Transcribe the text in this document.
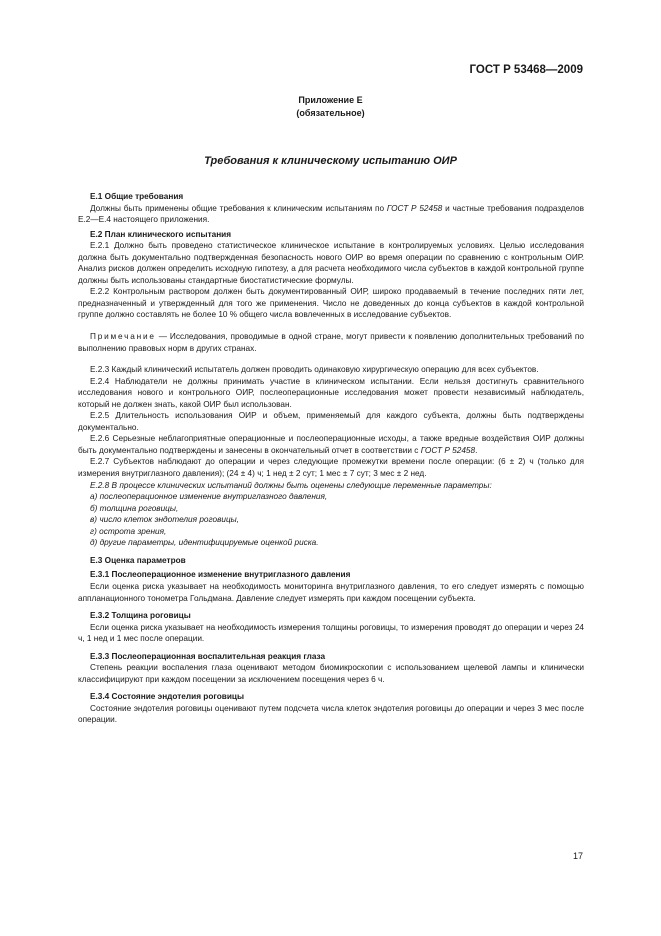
ГОСТ Р 53468—2009
Приложение Е
(обязательное)
Требования к клиническому испытанию ОИР

Е.1 Общие требования

Должны быть применены общие требования к клиническим испытаниям по ГОСТ Р 52458 и частные требования подразделов Е.2—Е.4 настоящего приложения.

Е.2 План клинического испытания

Е.2.1 Должно быть проведено статистическое клиническое испытание в контролируемых условиях. Целью исследования должна быть документально подтвержденная безопасность нового ОИР во время операции по сравнению с контрольным ОИР. Анализ рисков должен определить исходную гипотезу, а для расчета необходимого числа субъектов в каждой контрольной группе должны быть использованы стандартные биостатистические формулы.

Е.2.2 Контрольным раствором должен быть документированный ОИР, широко продаваемый в течение последних пяти лет, предназначенный и утвержденный для того же применения. Число не доведенных до конца субъектов в каждой контрольной группе должно составлять не более 10 % общего числа вовлеченных в исследование субъектов.

Примечание — Исследования, проводимые в одной стране, могут привести к появлению дополнительных требований по выполнению правовых норм в других странах.

Е.2.3 Каждый клинический испытатель должен проводить одинаковую хирургическую операцию для всех субъектов.

Е.2.4 Наблюдатели не должны принимать участие в клиническом испытании. Если нельзя достигнуть сравнительного исследования нового и контрольного ОИР, послеоперационные исследования может провести независимый наблюдатель, который не должен знать, какой ОИР был использован.

Е.2.5 Длительность использования ОИР и объем, применяемый для каждого субъекта, должны быть подтверждены документально.

Е.2.6 Серьезные неблагоприятные операционные и послеоперационные исходы, а также вредные воздействия ОИР должны быть документально подтверждены и занесены в окончательный отчет в соответствии с ГОСТ Р 52458.

Е.2.7 Субъектов наблюдают до операции и через следующие промежутки времени после операции: (6 ± 2) ч (только для измерения внутриглазного давления); (24 ± 4) ч; 1 нед ± 2 сут; 1 мес ± 7 сут; 3 мес ± 2 нед.

Е.2.8 В процессе клинических испытаний должны быть оценены следующие переменные параметры:

а) послеоперационное изменение внутриглазного давления,

б) толщина роговицы,

в) число клеток эндотелия роговицы,

г) острота зрения,

д) другие параметры, идентифицируемые оценкой риска.

Е.3 Оценка параметров

Е.3.1 Послеоперационное изменение внутриглазного давления

Если оценка риска указывает на необходимость мониторинга внутриглазного давления, то его следует измерять с помощью аппланационного тонометра Гольдмана. Давление следует измерять при каждом посещении субъекта.

Е.3.2 Толщина роговицы

Если оценка риска указывает на необходимость измерения толщины роговицы, то измерения проводят до операции и через 24 ч, 1 нед и 1 мес после операции.

Е.3.3 Послеоперационная воспалительная реакция глаза

Степень реакции воспаления глаза оценивают методом биомикроскопии с использованием щелевой лампы и клинически классифицируют при каждом посещении за исключением посещения через 6 ч.

Е.3.4 Состояние эндотелия роговицы

Состояние эндотелия роговицы оценивают путем подсчета числа клеток эндотелия роговицы до операции и через 3 мес после операции.

17
